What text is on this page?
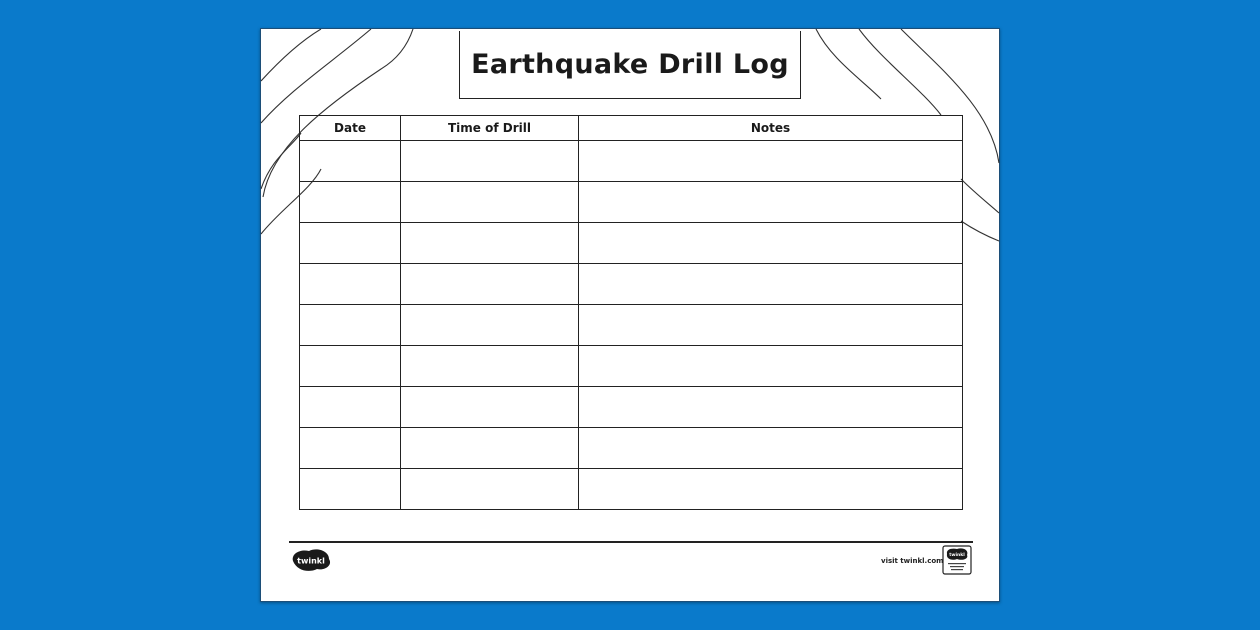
Earthquake Drill Log
Date	Time of Drill	Notes

twinkl	visit twinkl.com
twinkl
